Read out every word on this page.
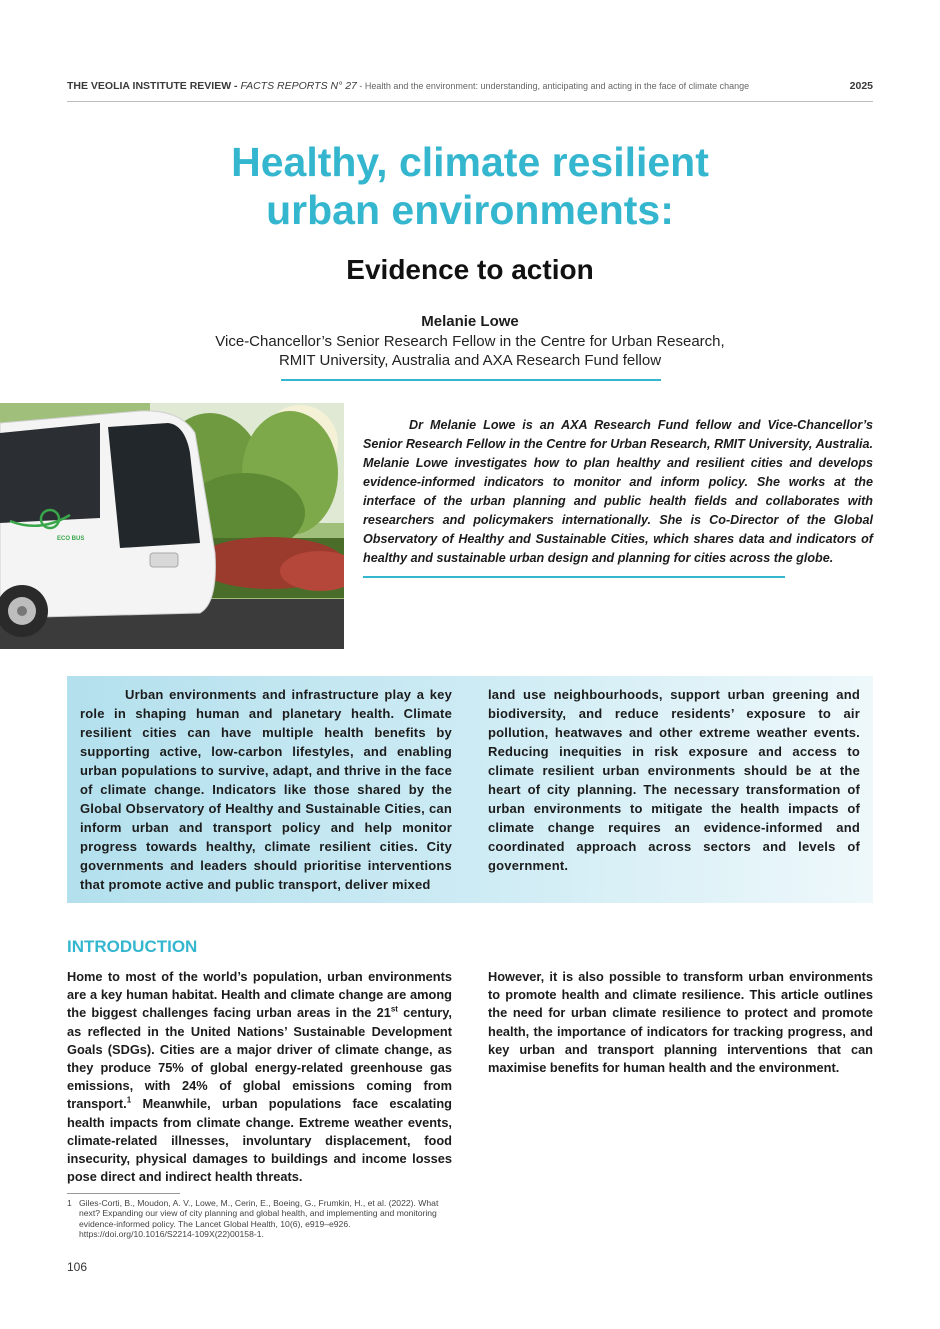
THE VEOLIA INSTITUTE REVIEW - FACTS REPORTS N° 27 - Health and the environment: understanding, anticipating and acting in the face of climate change	2025
Healthy, climate resilient
urban environments:
Evidence to action
Melanie Lowe
Vice-Chancellor’s Senior Research Fellow in the Centre for Urban Research,
RMIT University, Australia and AXA Research Fund fellow
ECO BUS

Dr Melanie Lowe is an AXA Research Fund fellow and Vice-Chancellor’s Senior Research Fellow in the Centre for Urban Research, RMIT University, Australia. Melanie Lowe investigates how to plan healthy and resilient cities and develops evidence-informed indicators to monitor and inform policy. She works at the interface of the urban planning and public health fields and collaborates with researchers and policymakers internationally. She is Co-Director of the Global Observatory of Healthy and Sustainable Cities, which shares data and indicators of healthy and sustainable urban design and planning for cities across the globe.

Urban environments and infrastructure play a key role in shaping human and planetary health. Climate resilient cities can have multiple health benefits by supporting active, low-carbon lifestyles, and enabling urban populations to survive, adapt, and thrive in the face of climate change. Indicators like those shared by the Global Observatory of Healthy and Sustainable Cities, can inform urban and transport policy and help monitor progress towards healthy, climate resilient cities. City governments and leaders should prioritise interventions that promote active and public transport, deliver mixed

land use neighbourhoods, support urban greening and biodiversity, and reduce residents’ exposure to air pollution, heatwaves and other extreme weather events. Reducing inequities in risk exposure and access to climate resilient urban environments should be at the heart of city planning. The necessary transformation of urban environments to mitigate the health impacts of climate change requires an evidence-informed and coordinated approach across sectors and levels of government.

INTRODUCTION

Home to most of the world’s population, urban environments are a key human habitat. Health and climate change are among the biggest challenges facing urban areas in the 21st century, as reflected in the United Nations’ Sustainable Development Goals (SDGs). Cities are a major driver of climate change, as they produce 75% of global energy-related greenhouse gas emissions, with 24% of global emissions coming from transport.$^1$ Meanwhile, urban populations face escalating health impacts from climate change. Extreme weather events, climate-related illnesses, involuntary displacement, food insecurity, physical damages to buildings and income losses pose direct and indirect health threats.

However, it is also possible to transform urban environments to promote health and climate resilience. This article outlines the need for urban climate resilience to protect and promote health, the importance of indicators for tracking progress, and key urban and transport planning interventions that can maximise benefits for human health and the environment.

1 Giles-Corti, B., Moudon, A. V., Lowe, M., Cerin, E., Boeing, G., Frumkin, H., et al. (2022). What next? Expanding our view of city planning and global health, and implementing and monitoring evidence-informed policy. The Lancet Global Health, 10(6), e919–e926. https://doi.org/10.1016/S2214-109X(22)00158-1.
106
